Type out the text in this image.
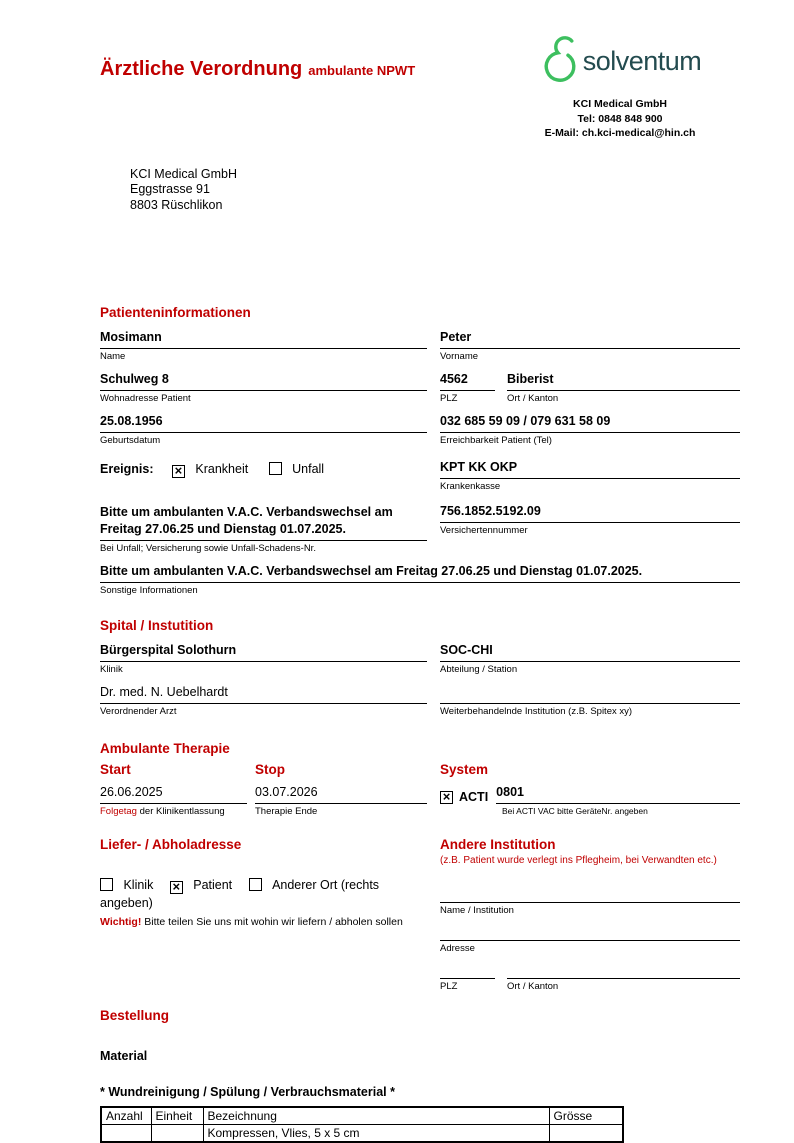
Ärztliche Verordnung ambulante NPWT	solventum
KCI Medical GmbH
Tel: 0848 848 900
E-Mail: ch.kci-medical@hin.ch
KCI Medical GmbH
Eggstrasse 91
8803 Rüschlikon
Patienteninformationen
Mosimann
Name
Peter
Vorname
Schulweg 8
Wohnadresse Patient
4562
PLZ
Biberist
Ort / Kanton
25.08.1956
Geburtsdatum
032 685 59 09 / 079 631 58 09
Erreichbarkeit Patient (Tel)
Ereignis: × Krankheit	Unfall	KPT KK OKP
Krankenkasse
Bitte um ambulanten V.A.C. Verbandswechsel am Freitag 27.06.25 und Dienstag 01.07.2025.
Bei Unfall; Versicherung sowie Unfall-Schadens-Nr.
756.1852.5192.09
Versichertennummer
Bitte um ambulanten V.A.C. Verbandswechsel am Freitag 27.06.25 und Dienstag 01.07.2025.
Sonstige Informationen
Spital / Instutition
Bürgerspital Solothurn
Klinik
SOC-CHI
Abteilung / Station
Dr. med. N. Uebelhardt
Verordnender Arzt	Weiterbehandelnde Institution (z.B. Spitex xy)
Ambulante Therapie
Start	Stop	System
26.06.2025
Folgetag der Klinikentlassung
03.07.2026
Therapie Ende
× ACTI 0801
Bei ACTI VAC bitte GeräteNr. angeben
Liefer- / Abholadresse
Klinik × Patient	Anderer Ort (rechts angeben)
Wichtig! Bitte teilen Sie uns mit wohin wir liefern / abholen sollen
Andere Institution
(z.B. Patient wurde verlegt ins Pflegheim, bei Verwandten etc.)
Name / Institution
Adresse
PLZ	Ort / Kanton
Bestellung
Material
* Wundreinigung / Spülung / Verbrauchsmaterial *
Anzahl	Einheit	Bezeichnung	Grösse
		Kompressen, Vlies, 5 x 5 cm	
